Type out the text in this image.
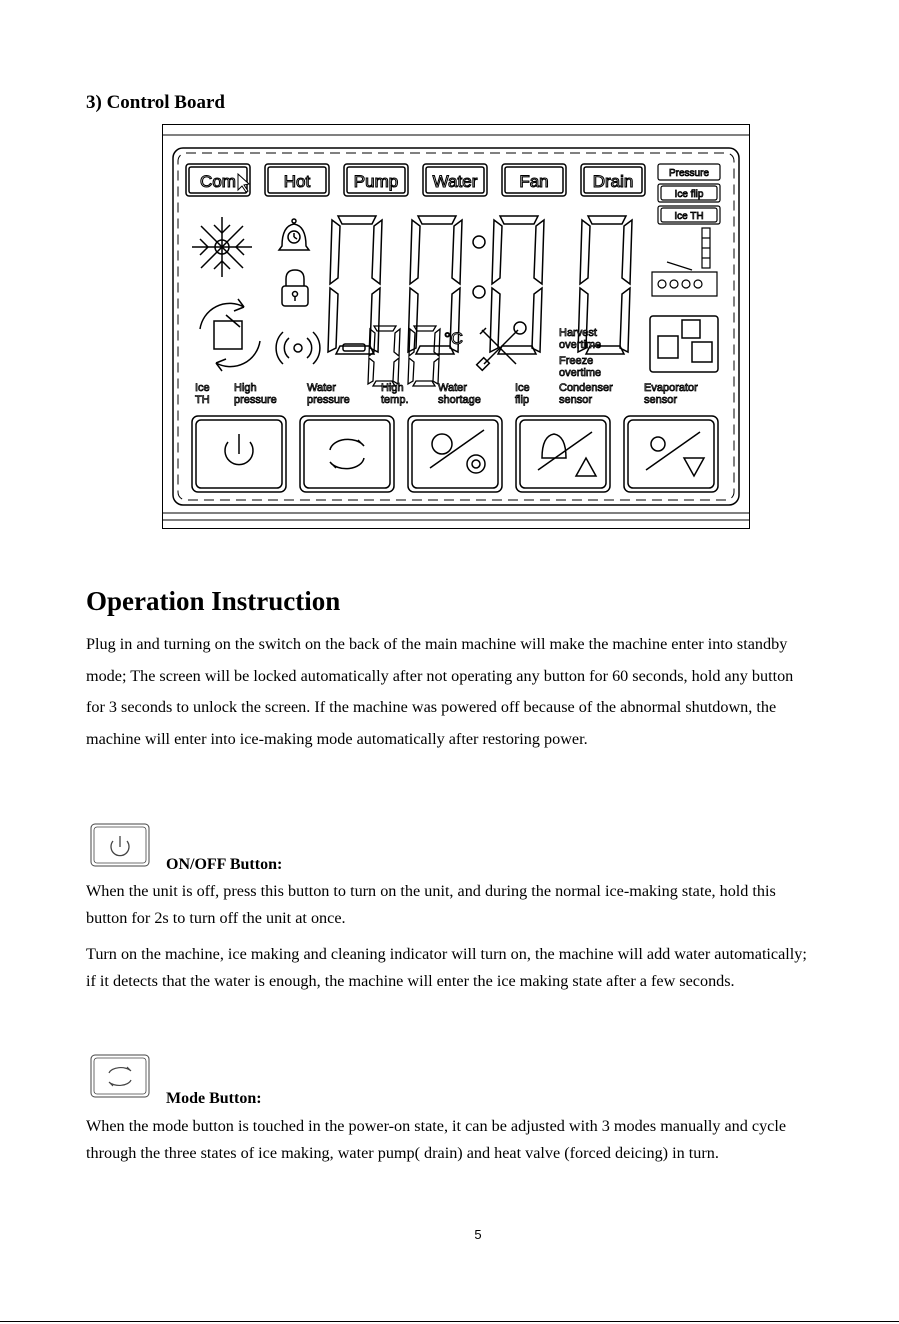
3) Control Board
Com	Hot	Pump Water Fan	Drain	Pressure
Ice flip
Ice TH
°C	Harvest
overtime
Freeze
overtime
Ice
TH
High
pressure
Water
pressure
High
temp.
Water
shortage
Ice
flip
Condenser
sensor
Evaporator
sensor
Operation Instruction
Plug in and turning on the switch on the back of the main machine will make the machine enter into standby mode; The screen will be locked automatically after not operating any button for 60 seconds, hold any button for 3 seconds to unlock the screen. If the machine was powered off because of the abnormal shutdown, the machine will enter into ice-making mode automatically after restoring power.
ON/OFF Button:
When the unit is off, press this button to turn on the unit, and during the normal ice-making state, hold this button for 2s to turn off the unit at once.
Turn on the machine, ice making and cleaning indicator will turn on, the machine will add water automatically; if it detects that the water is enough, the machine will enter the ice making state after a few seconds.
Mode Button:
When the mode button is touched in the power-on state, it can be adjusted with 3 modes manually and cycle through the three states of ice making, water pump( drain) and heat valve (forced deicing) in turn.
5
